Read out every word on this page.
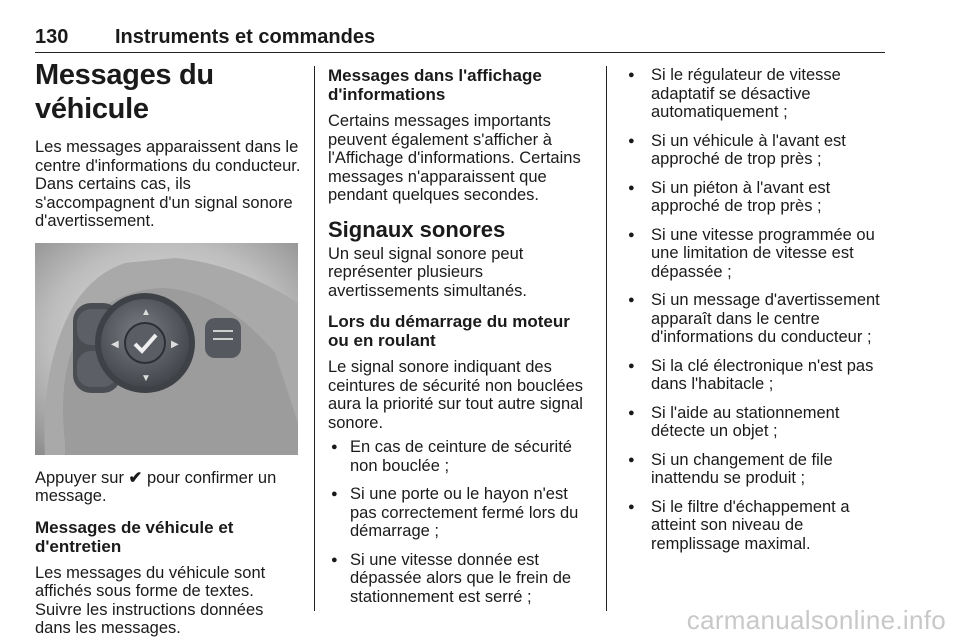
130 Instruments et commandes
Messages du véhicule

Les messages apparaissent dans le centre d'informations du conducteur. Dans certains cas, ils s'accompagnent d'un signal sonore d'avertissement.

▲
▼
◀	▶

Appuyer sur ✔ pour confirmer un message.

Messages de véhicule et d'entretien

Les messages du véhicule sont affichés sous forme de textes. Suivre les instructions données dans les messages.

Messages dans l'affichage d'informations

Certains messages importants peuvent également s'afficher à l'Affichage d'informations. Certains messages n'apparaissent que pendant quelques secondes.

Signaux sonores

Un seul signal sonore peut représenter plusieurs avertissements simultanés.

Lors du démarrage du moteur ou en roulant

Le signal sonore indiquant des ceintures de sécurité non bouclées aura la priorité sur tout autre signal sonore.

● En cas de ceinture de sécurité non bouclée ;
● Si une porte ou le hayon n'est pas correctement fermé lors du démarrage ;
● Si une vitesse donnée est dépassée alors que le frein de stationnement est serré ;
● Si le régulateur de vitesse adaptatif se désactive automatiquement ;
● Si un véhicule à l'avant est approché de trop près ;
● Si un piéton à l'avant est approché de trop près ;
● Si une vitesse programmée ou une limitation de vitesse est dépassée ;
● Si un message d'avertissement apparaît dans le centre d'informations du conducteur ;
● Si la clé électronique n'est pas dans l'habitacle ;
● Si l'aide au stationnement détecte un objet ;
● Si un changement de file inattendu se produit ;
● Si le filtre d'échappement a atteint son niveau de remplissage maximal.
carmanualsonline.info
